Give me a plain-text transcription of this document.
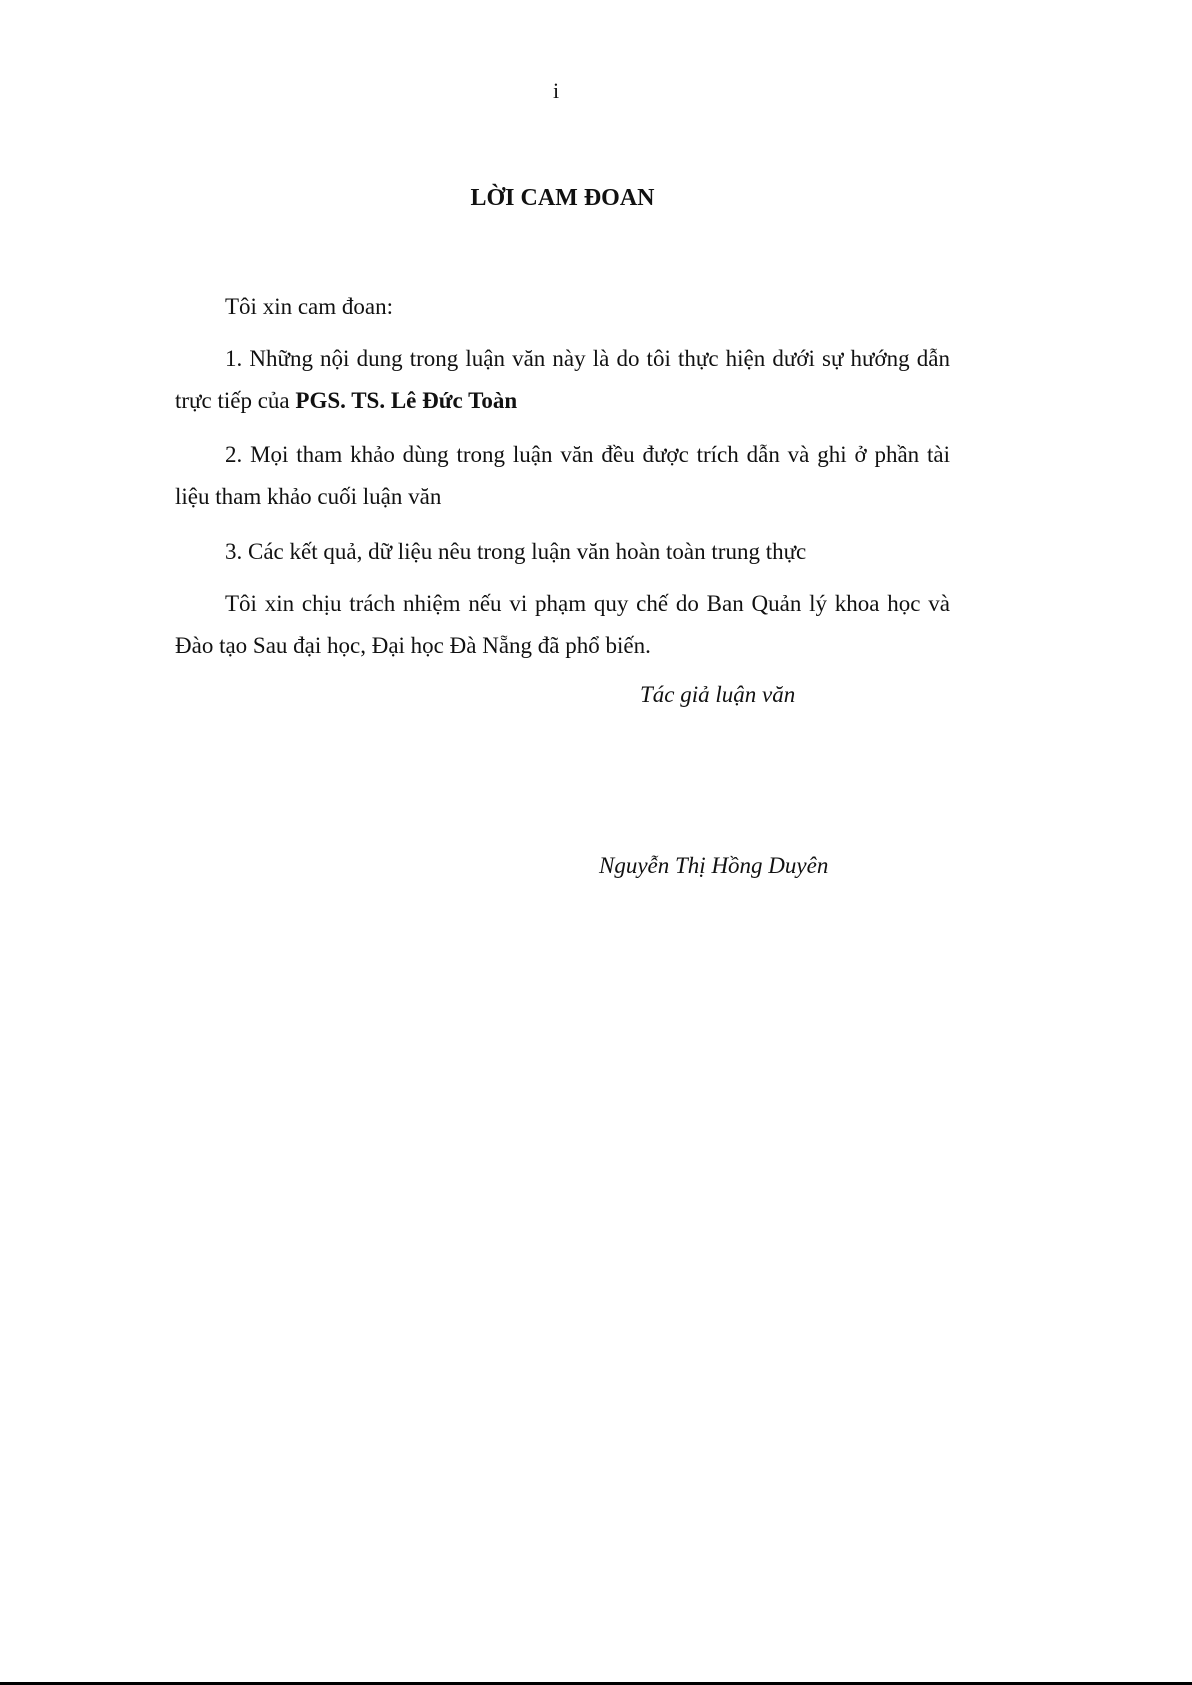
i
LỜI CAM ĐOAN
Tôi xin cam đoan:
1. Những nội dung trong luận văn này là do tôi thực hiện dưới sự hướng dẫn trực tiếp của PGS. TS. Lê Đức Toàn
2. Mọi tham khảo dùng trong luận văn đều được trích dẫn và ghi ở phần tài liệu tham khảo cuối luận văn
3. Các kết quả, dữ liệu nêu trong luận văn hoàn toàn trung thực
Tôi xin chịu trách nhiệm nếu vi phạm quy chế do Ban Quản lý khoa học và Đào tạo Sau đại học, Đại học Đà Nẵng đã phổ biến.
Tác giả luận văn
Nguyễn Thị Hồng Duyên
